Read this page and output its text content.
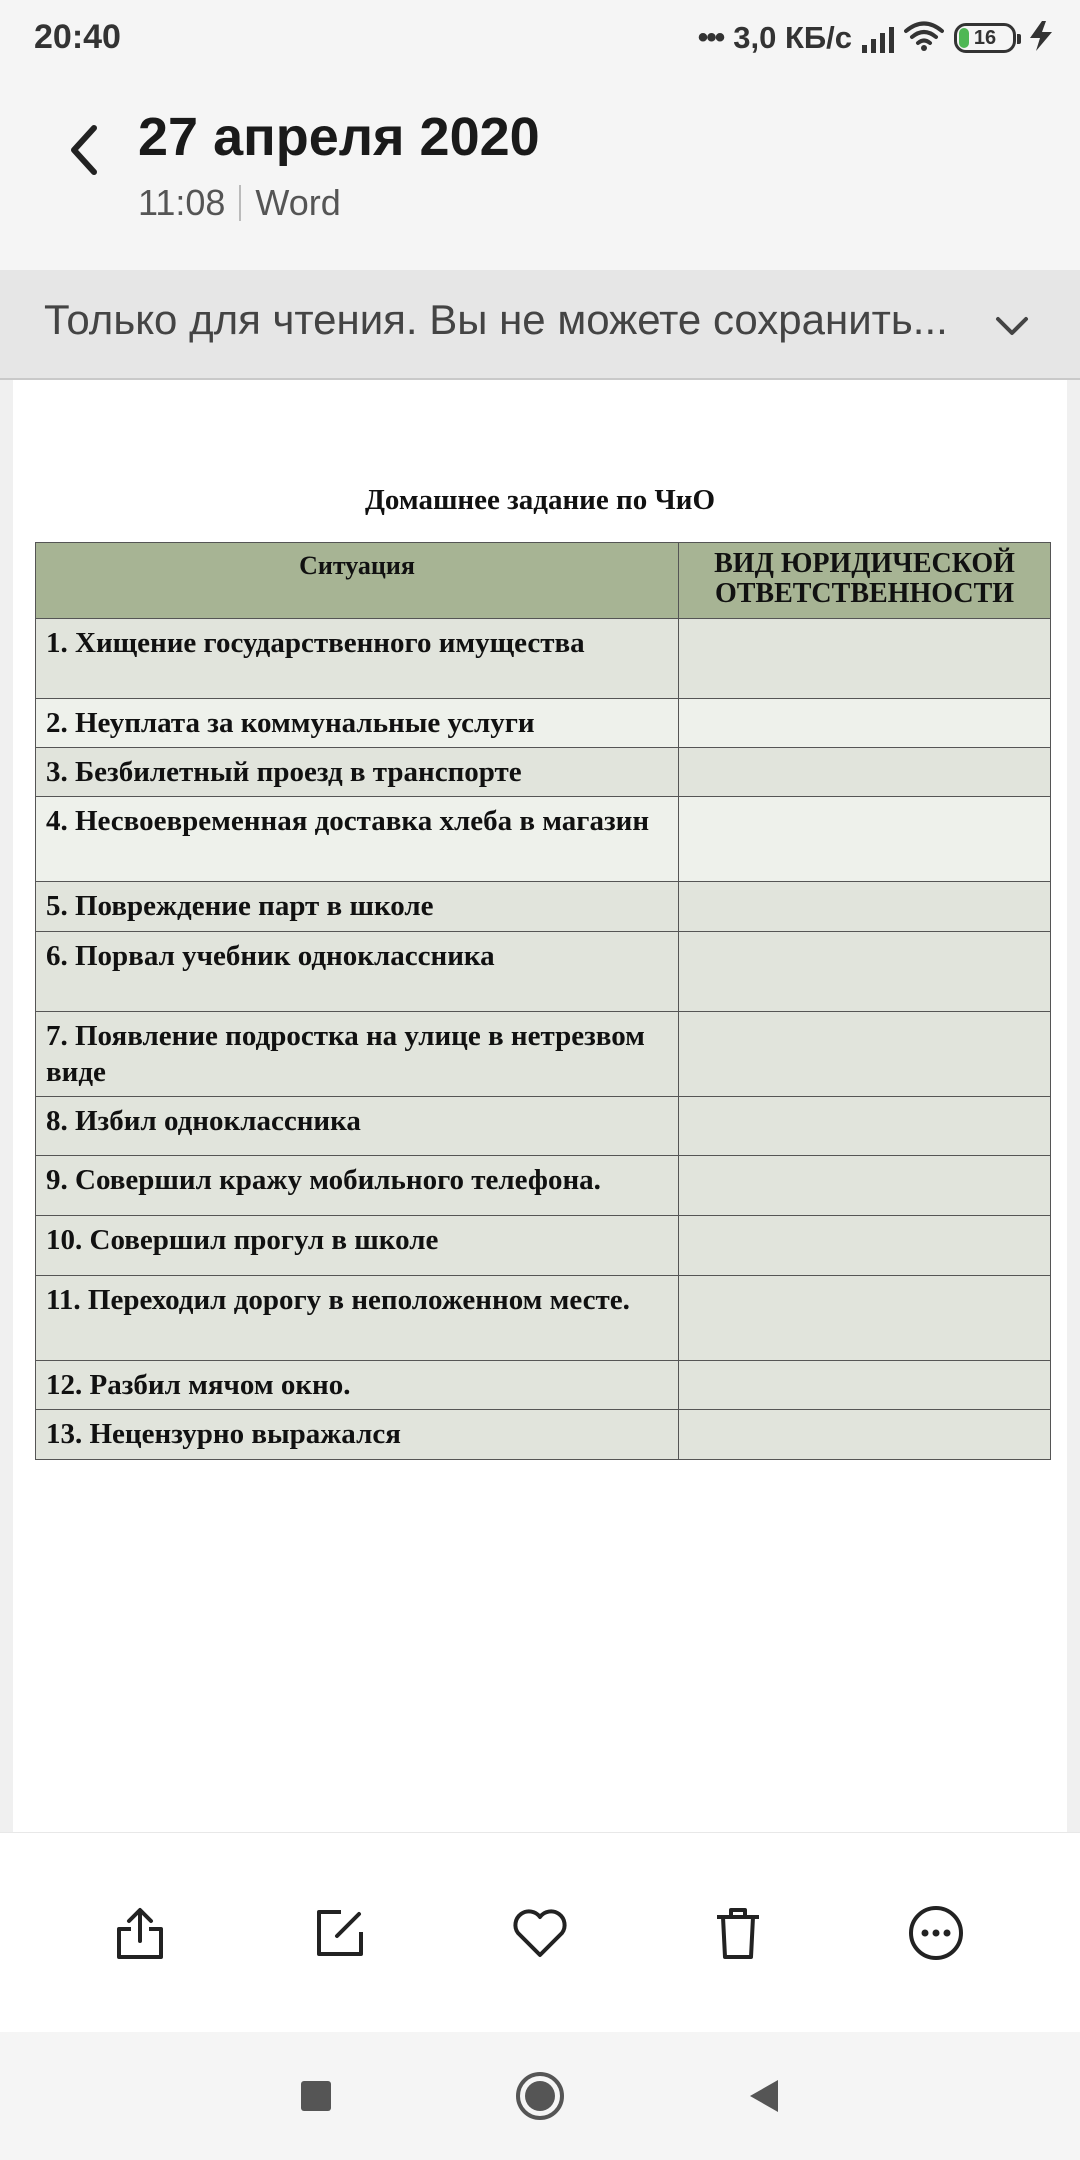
20:40	••• 3,0 КБ/с	16
27 апреля 2020
11:08 Word
Только для чтения. Вы не можете сохранить...
Домашнее задание по ЧиО
Ситуация	ВИД ЮРИДИЧЕСКОЙ ОТВЕТСТВЕННОСТИ
1. Хищение государственного имущества	
2. Неуплата за коммунальные услуги	
3. Безбилетный проезд в транспорте	
4. Несвоевременная доставка хлеба в магазин	
5. Повреждение парт в школе	
6. Порвал учебник одноклассника	
7. Появление подростка на улице в нетрезвом виде	
8. Избил одноклассника	
9. Совершил кражу мобильного телефона.	
10. Совершил прогул в школе	
11. Переходил дорогу в неположенном месте.	
12. Разбил мячом окно.	
13. Нецензурно выражался	
